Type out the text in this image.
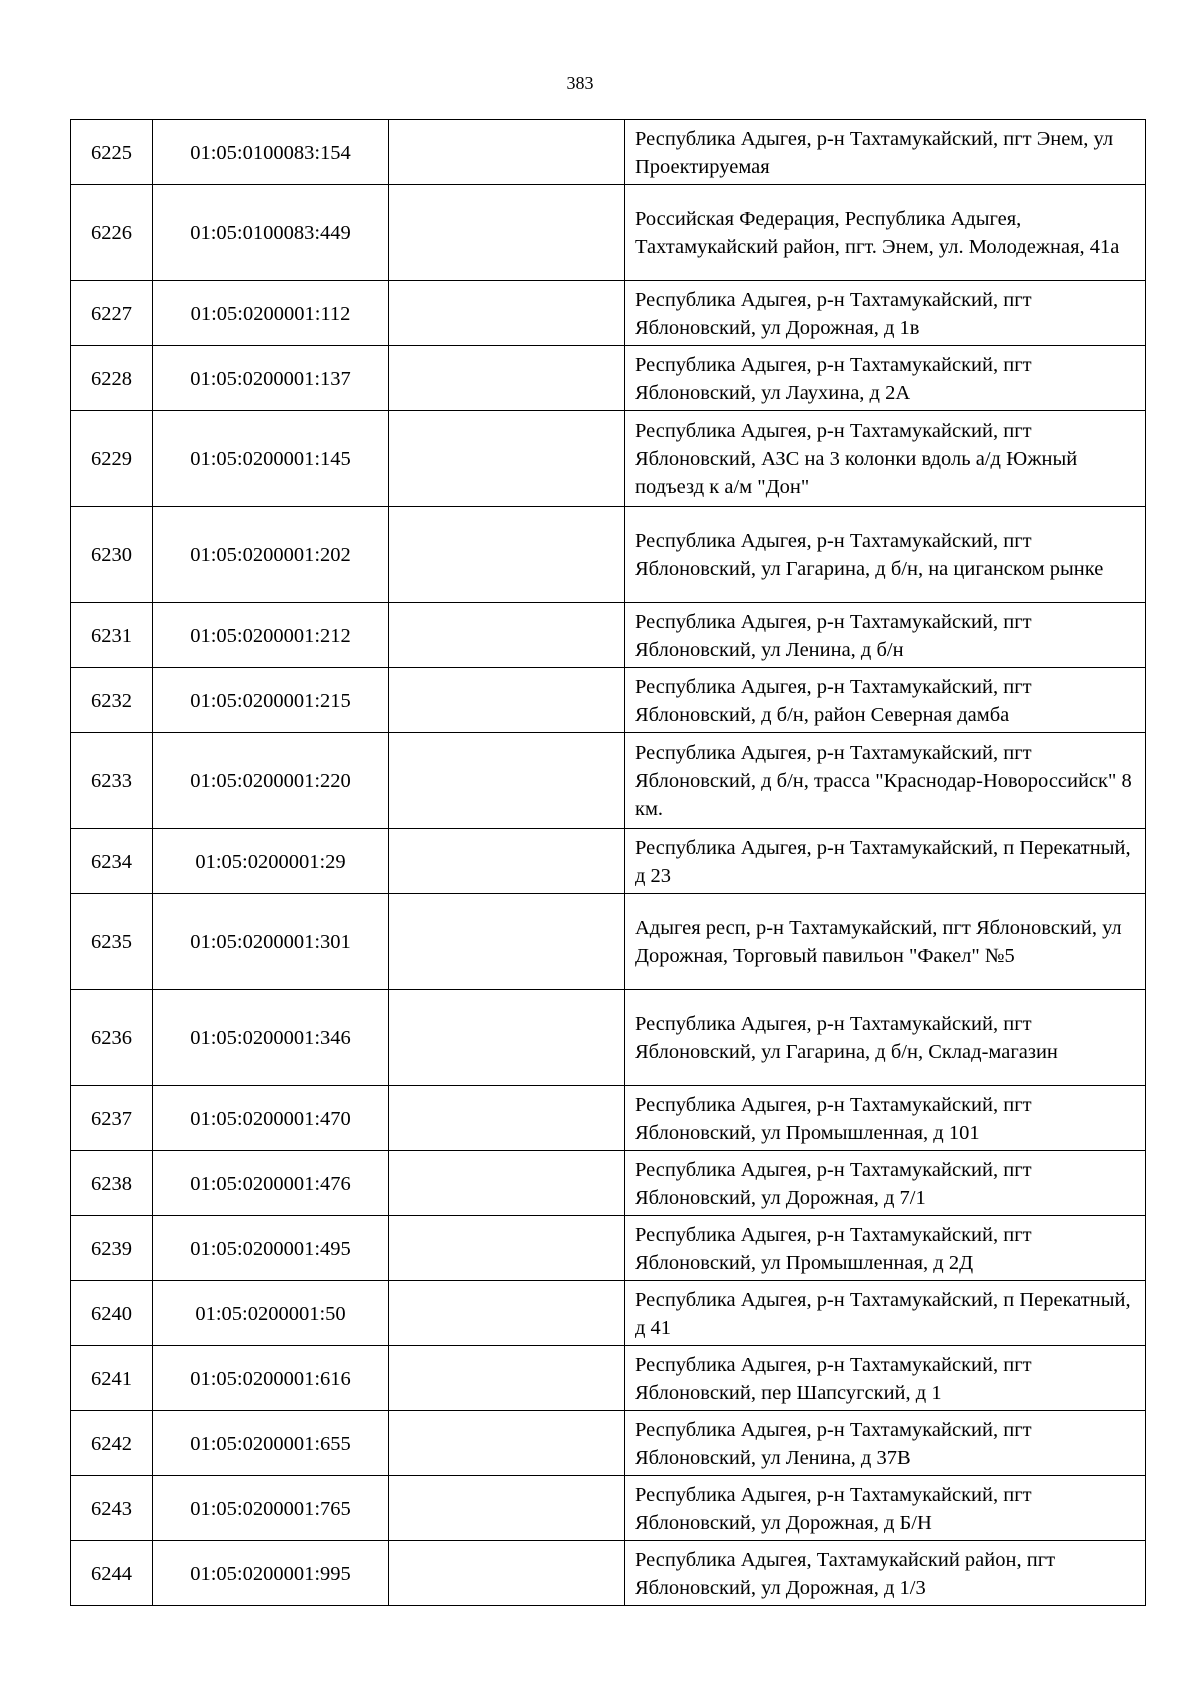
383
6225	01:05:0100083:154		Республика Адыгея, р-н Тахтамукайский, пгт Энем, ул Проектируемая
6226	01:05:0100083:449		Российская Федерация, Республика Адыгея, Тахтамукайский район, пгт. Энем, ул. Молодежная, 41а
6227	01:05:0200001:112		Республика Адыгея, р-н Тахтамукайский, пгт Яблоновский, ул Дорожная, д 1в
6228	01:05:0200001:137		Республика Адыгея, р-н Тахтамукайский, пгт Яблоновский, ул Лаухина, д 2А
6229	01:05:0200001:145		Республика Адыгея, р-н Тахтамукайский, пгт Яблоновский, АЗС на 3 колонки вдоль а/д Южный подъезд к а/м "Дон"
6230	01:05:0200001:202		Республика Адыгея, р-н Тахтамукайский, пгт Яблоновский, ул Гагарина, д б/н, на циганском рынке
6231	01:05:0200001:212		Республика Адыгея, р-н Тахтамукайский, пгт Яблоновский, ул Ленина, д б/н
6232	01:05:0200001:215		Республика Адыгея, р-н Тахтамукайский, пгт Яблоновский, д б/н, район Северная дамба
6233	01:05:0200001:220		Республика Адыгея, р-н Тахтамукайский, пгт Яблоновский, д б/н, трасса "Краснодар-Новороссийск" 8 км.
6234	01:05:0200001:29		Республика Адыгея, р-н Тахтамукайский, п Перекатный, д 23
6235	01:05:0200001:301		Адыгея респ, р-н Тахтамукайский, пгт Яблоновский, ул Дорожная, Торговый павильон "Факел" №5
6236	01:05:0200001:346		Республика Адыгея, р-н Тахтамукайский, пгт Яблоновский, ул Гагарина, д б/н, Склад-магазин
6237	01:05:0200001:470		Республика Адыгея, р-н Тахтамукайский, пгт Яблоновский, ул Промышленная, д 101
6238	01:05:0200001:476		Республика Адыгея, р-н Тахтамукайский, пгт Яблоновский, ул Дорожная, д 7/1
6239	01:05:0200001:495		Республика Адыгея, р-н Тахтамукайский, пгт Яблоновский, ул Промышленная, д 2Д
6240	01:05:0200001:50		Республика Адыгея, р-н Тахтамукайский, п Перекатный, д 41
6241	01:05:0200001:616		Республика Адыгея, р-н Тахтамукайский, пгт Яблоновский, пер Шапсугский, д 1
6242	01:05:0200001:655		Республика Адыгея, р-н Тахтамукайский, пгт Яблоновский, ул Ленина, д 37В
6243	01:05:0200001:765		Республика Адыгея, р-н Тахтамукайский, пгт Яблоновский, ул Дорожная, д Б/Н
6244	01:05:0200001:995		Республика Адыгея, Тахтамукайский район, пгт Яблоновский, ул Дорожная, д 1/3
